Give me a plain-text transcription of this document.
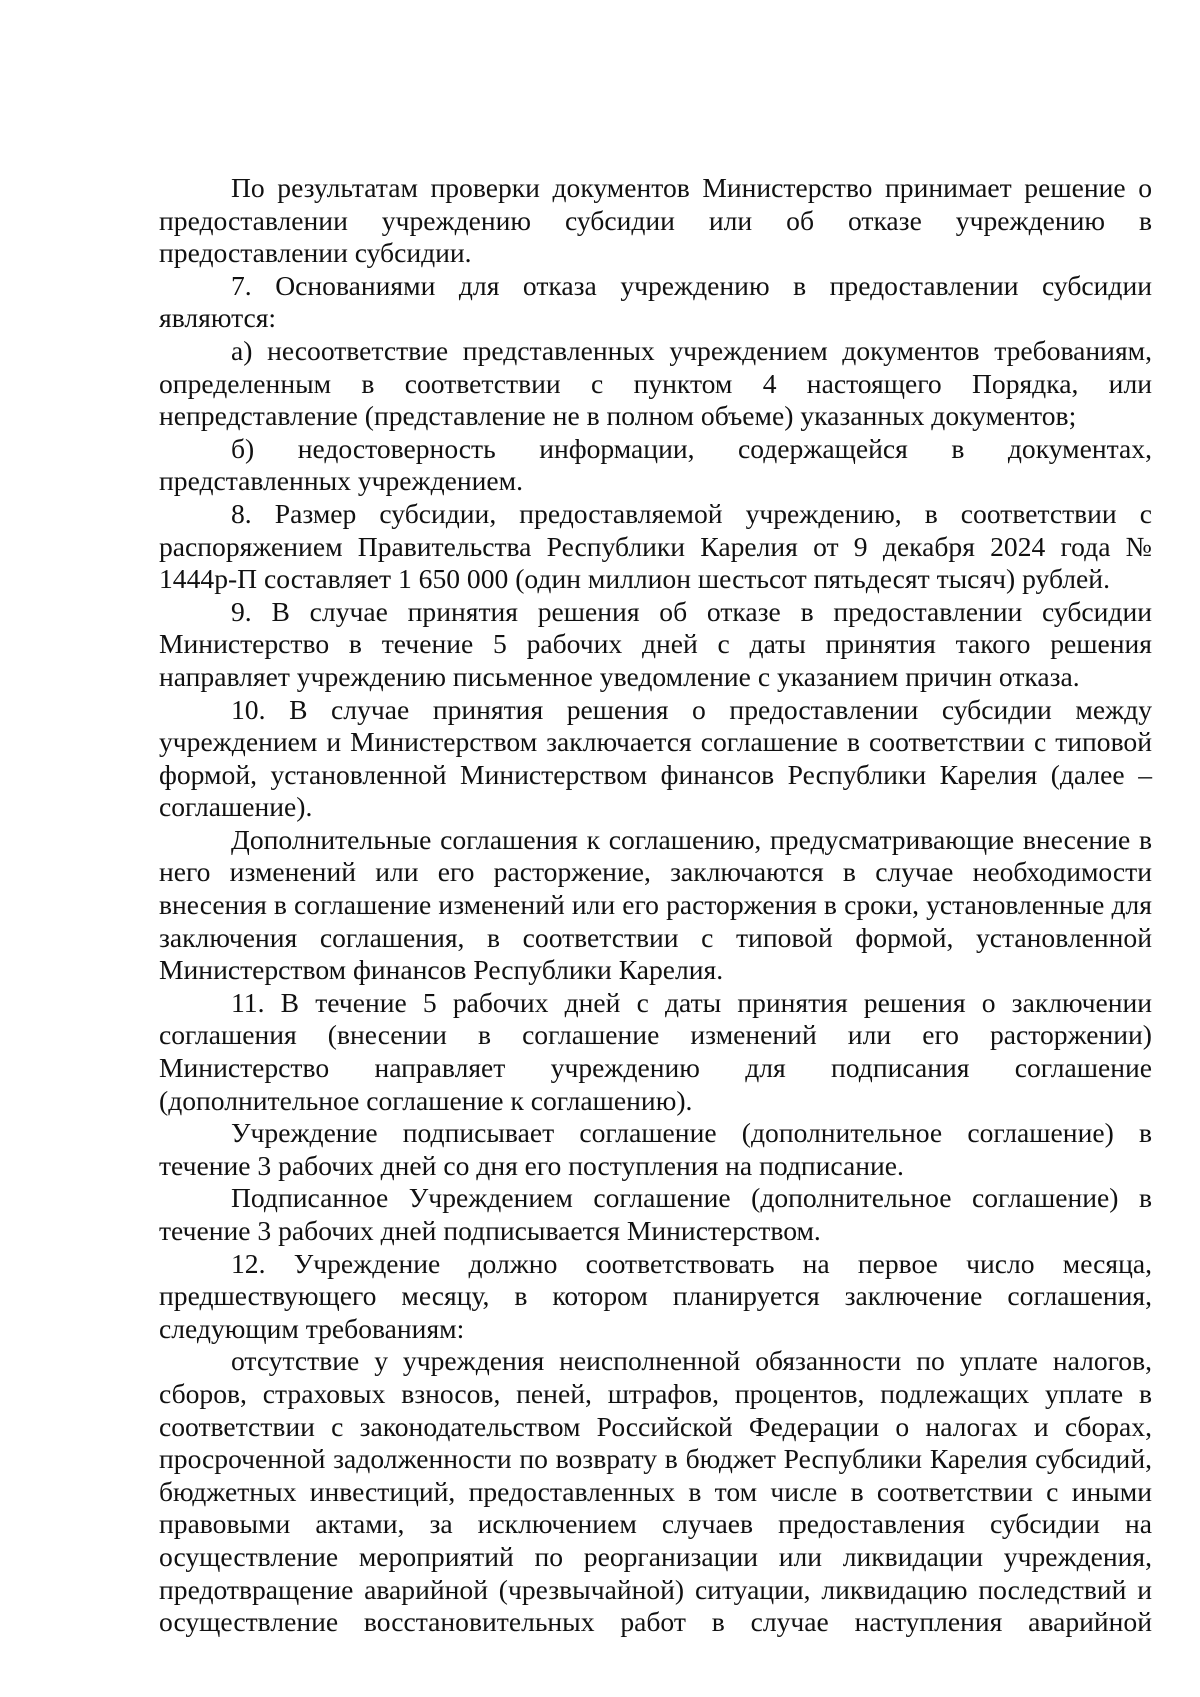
По результатам проверки документов Министерство принимает решение о предоставлении учреждению субсидии или об отказе учреждению в предоставлении субсидии.

7. Основаниями для отказа учреждению в предоставлении субсидии являются:

а) несоответствие представленных учреждением документов требованиям, определенным в соответствии с пунктом 4 настоящего Порядка, или непредставление (представление не в полном объеме) указанных документов;

б) недостоверность информации, содержащейся в документах, представленных учреждением.

8. Размер субсидии, предоставляемой учреждению, в соответствии с распоряжением Правительства Республики Карелия от 9 декабря 2024 года № 1444р-П составляет 1 650 000 (один миллион шестьсот пятьдесят тысяч) рублей.

9. В случае принятия решения об отказе в предоставлении субсидии Министерство в течение 5 рабочих дней с даты принятия такого решения направляет учреждению письменное уведомление с указанием причин отказа.

10. В случае принятия решения о предоставлении субсидии между учреждением и Министерством заключается соглашение в соответствии с типовой формой, установленной Министерством финансов Республики Карелия (далее – соглашение).

Дополнительные соглашения к соглашению, предусматривающие внесение в него изменений или его расторжение, заключаются в случае необходимости внесения в соглашение изменений или его расторжения в сроки, установленные для заключения соглашения, в соответствии с типовой формой, установленной Министерством финансов Республики Карелия.

11. В течение 5 рабочих дней с даты принятия решения о заключении соглашения (внесении в соглашение изменений или его расторжении) Министерство направляет учреждению для подписания соглашение (дополнительное соглашение к соглашению).

Учреждение подписывает соглашение (дополнительное соглашение) в течение 3 рабочих дней со дня его поступления на подписание.

Подписанное Учреждением соглашение (дополнительное соглашение) в течение 3 рабочих дней подписывается Министерством.

12. Учреждение должно соответствовать на первое число месяца, предшествующего месяцу, в котором планируется заключение соглашения, следующим требованиям:

отсутствие у учреждения неисполненной обязанности по уплате налогов, сборов, страховых взносов, пеней, штрафов, процентов, подлежащих уплате в соответствии с законодательством Российской Федерации о налогах и сборах, просроченной задолженности по возврату в бюджет Республики Карелия субсидий, бюджетных инвестиций, предоставленных в том числе в соответствии с иными правовыми актами, за исключением случаев предоставления субсидии на осуществление мероприятий по реорганизации или ликвидации учреждения, предотвращение аварийной (чрезвычайной) ситуации, ликвидацию последствий и осуществление восстановительных работ в случае наступления аварийной
